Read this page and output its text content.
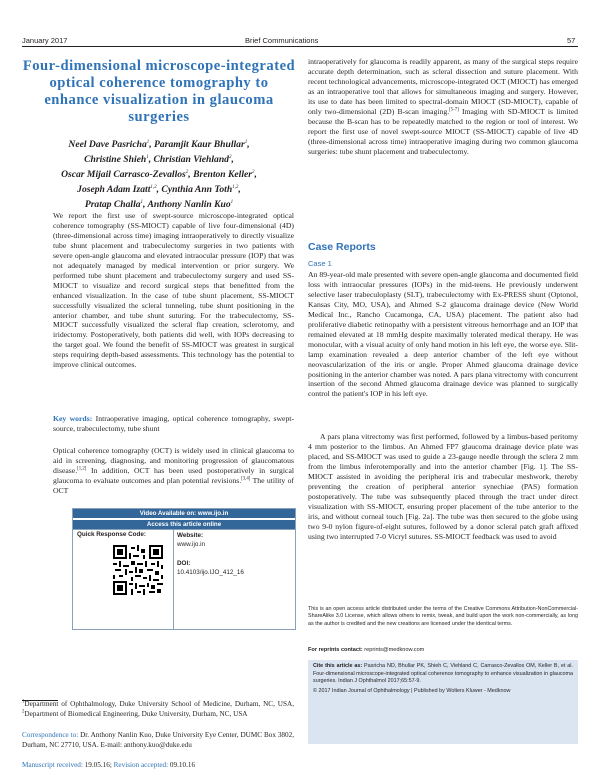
January 2017	Brief Communications	57
Four-dimensional microscope-integrated optical coherence tomography to enhance visualization in glaucoma surgeries
Neel Dave Pasricha$^1$, Paramjit Kaur Bhullar$^1$,
Christine Shieh$^1$, Christian Viehland$^2$,
Oscar Mijail Carrasco-Zevallos$^2$, Brenton Keller$^2$,
Joseph Adam Izatt$^{1,2}$, Cynthia Ann Toth$^{1,2}$,
Pratap Challa$^1$, Anthony Nanlin Kuo$^1$

We report the first use of swept-source microscope-integrated optical coherence tomography (SS-MIOCT) capable of live four-dimensional (4D) (three-dimensional across time) imaging intraoperatively to directly visualize tube shunt placement and trabeculectomy surgeries in two patients with severe open-angle glaucoma and elevated intraocular pressure (IOP) that was not adequately managed by medical intervention or prior surgery. We performed tube shunt placement and trabeculectomy surgery and used SS-MIOCT to visualize and record surgical steps that benefitted from the enhanced visualization. In the case of tube shunt placement, SS-MIOCT successfully visualized the scleral tunneling, tube shunt positioning in the anterior chamber, and tube shunt suturing. For the trabeculectomy, SS-MIOCT successfully visualized the scleral flap creation, sclerotomy, and iridectomy. Postoperatively, both patients did well, with IOPs decreasing to the target goal. We found the benefit of SS-MIOCT was greatest in surgical steps requiring depth-based assessments. This technology has the potential to improve clinical outcomes.

Key words: Intraoperative imaging, optical coherence tomography, swept-source, trabeculectomy, tube shunt

Optical coherence tomography (OCT) is widely used in clinical glaucoma to aid in screening, diagnosing, and monitoring progression of glaucomatous disease.[1,2] In addition, OCT has been used postoperatively in surgical glaucoma to evaluate outcomes and plan potential revisions.[3,4] The utility of OCT

Video Available on: www.ijo.in
Access this article online
Quick Response Code:	Website:
www.ijo.in
DOI:
10.4103/ijo.IJO_412_16

$^1$Department of Ophthalmology, Duke University School of Medicine, Durham, NC, USA, $^2$Department of Biomedical Engineering, Duke University, Durham, NC, USA

Correspondence to: Dr. Anthony Nanlin Kuo, Duke University Eye Center, DUMC Box 3802, Durham, NC 27710, USA. E-mail: anthony.kuo@duke.edu

Manuscript received: 19.05.16; Revision accepted: 09.10.16

intraoperatively for glaucoma is readily apparent, as many of the surgical steps require accurate depth determination, such as scleral dissection and suture placement. With recent technological advancements, microscope-integrated OCT (MIOCT) has emerged as an intraoperative tool that allows for simultaneous imaging and surgery. However, its use to date has been limited to spectral-domain MIOCT (SD-MIOCT), capable of only two-dimensional (2D) B-scan imaging.[5-7] Imaging with SD-MIOCT is limited because the B-scan has to be repeatedly matched to the region or tool of interest. We report the first use of novel swept-source MIOCT (SS-MIOCT) capable of live 4D (three-dimensional across time) intraoperative imaging during two common glaucoma surgeries: tube shunt placement and trabeculectomy.

Case Reports
Case 1

An 89-year-old male presented with severe open-angle glaucoma and documented field loss with intraocular pressures (IOPs) in the mid-teens. He previously underwent selective laser trabeculoplasty (SLT), trabeculectomy with Ex-PRESS shunt (Optonol, Kansas City, MO, USA), and Ahmed S-2 glaucoma drainage device (New World Medical Inc., Rancho Cucamonga, CA, USA) placement. The patient also had proliferative diabetic retinopathy with a persistent vitreous hemorrhage and an IOP that remained elevated at 18 mmHg despite maximally tolerated medical therapy. He was monocular, with a visual acuity of only hand motion in his left eye, the worse eye. Slit-lamp examination revealed a deep anterior chamber of the left eye without neovascularization of the iris or angle. Proper Ahmed glaucoma drainage device positioning in the anterior chamber was noted. A pars plana vitrectomy with concurrent insertion of the second Ahmed glaucoma drainage device was planned to surgically control the patient's IOP in his left eye.

A pars plana vitrectomy was first performed, followed by a limbus-based peritomy 4 mm posterior to the limbus. An Ahmed FP7 glaucoma drainage device plate was placed, and SS-MIOCT was used to guide a 23-gauge needle through the sclera 2 mm from the limbus inferotemporally and into the anterior chamber [Fig. 1]. The SS-MIOCT assisted in avoiding the peripheral iris and trabecular meshwork, thereby preventing the creation of peripheral anterior synechiae (PAS) formation postoperatively. The tube was subsequently placed through the tract under direct visualization with SS-MIOCT, ensuring proper placement of the tube anterior to the iris, and without corneal touch [Fig. 2a]. The tube was then secured to the globe using two 9-0 nylon figure-of-eight sutures, followed by a donor scleral patch graft affixed using two interrupted 7-0 Vicryl sutures. SS-MIOCT feedback was used to avoid

This is an open access article distributed under the terms of the Creative Commons Attribution-NonCommercial-ShareAlike 3.0 License, which allows others to remix, tweak, and build upon the work non-commercially, as long as the author is credited and the new creations are licensed under the identical terms.

For reprints contact: reprints@medknow.com

Cite this article as: Pasricha ND, Bhullar PK, Shieh C, Viehland C, Carrasco-Zevallos OM, Keller B, et al. Four-dimensional microscope-integrated optical coherence tomography to enhance visualization in glaucoma surgeries. Indian J Ophthalmol 2017;65:57-9.

© 2017 Indian Journal of Ophthalmology | Published by Wolters Kluwer - Medknow
